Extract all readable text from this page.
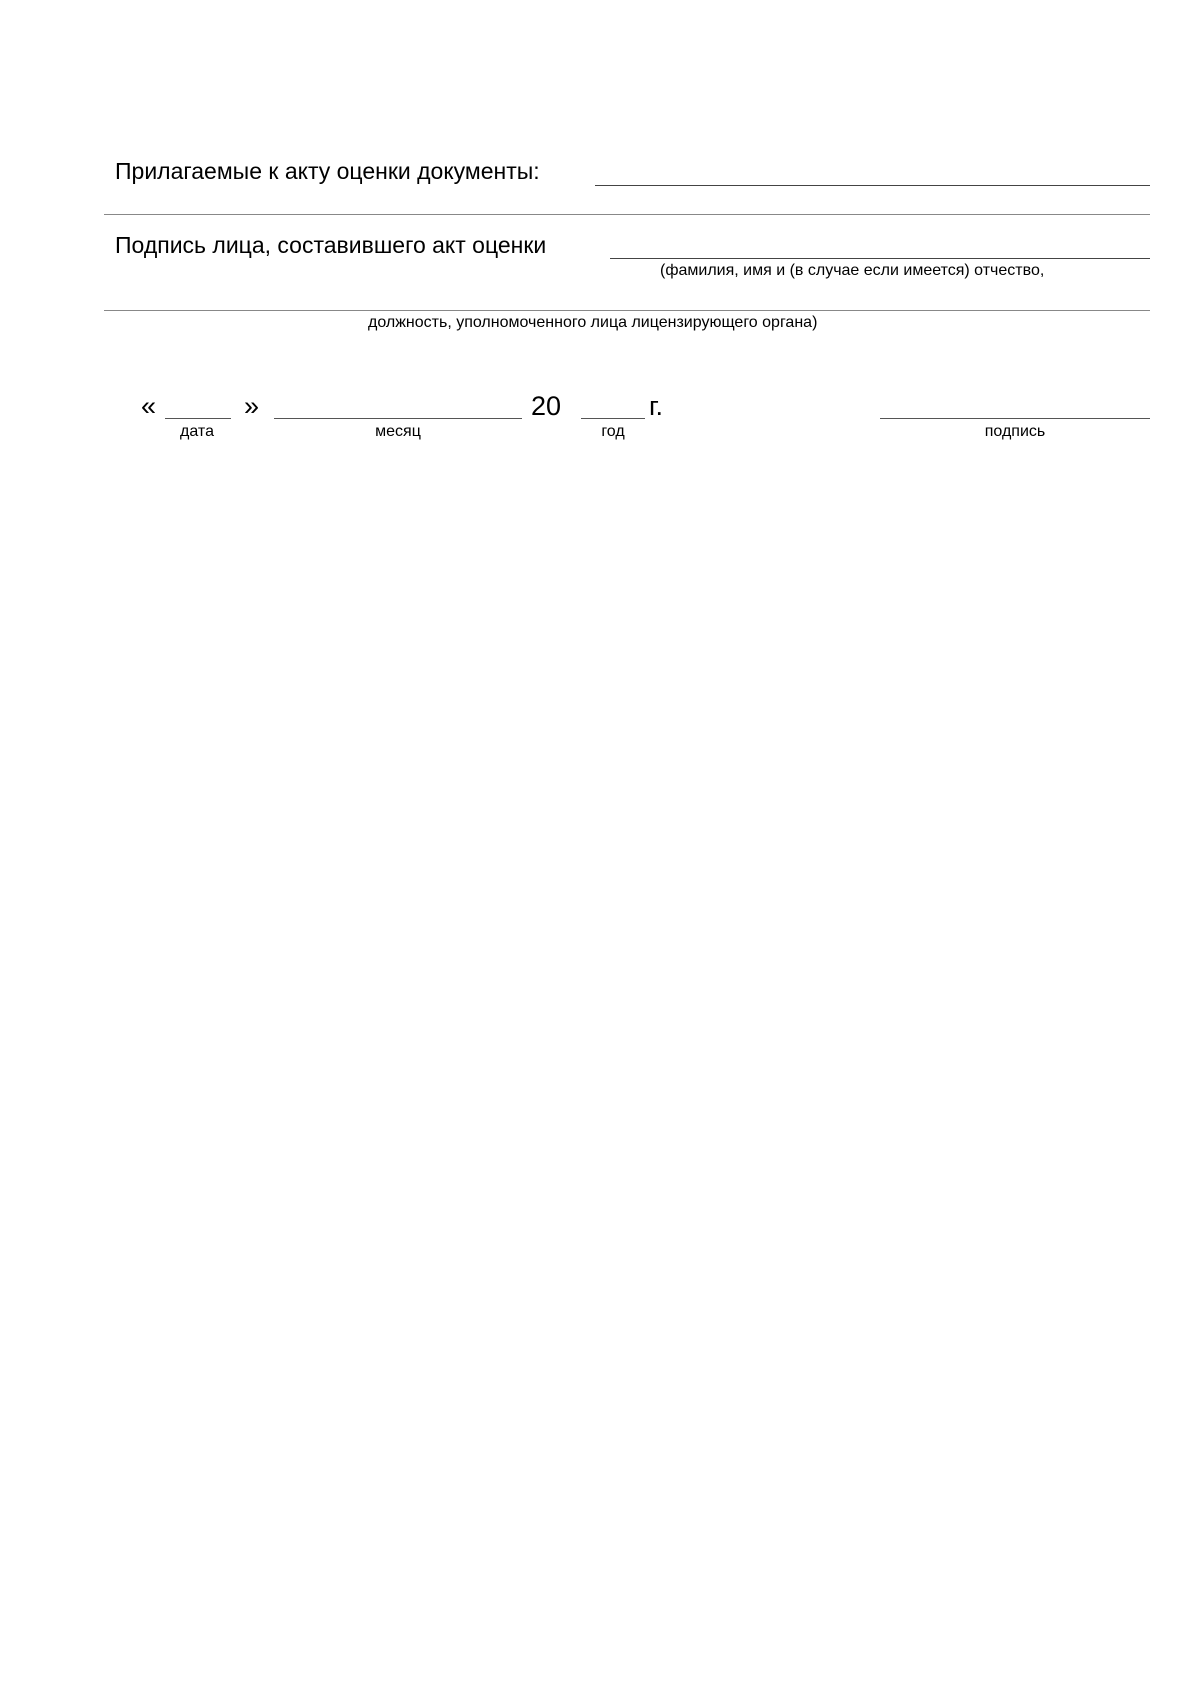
Прилагаемые к акту оценки документы:
Подпись лица, составившего акт оценки
(фамилия, имя и (в случае если имеется) отчество,
должность, уполномоченного лица лицензирующего органа)
«	»	20	г.
дата	месяц	год	подпись
